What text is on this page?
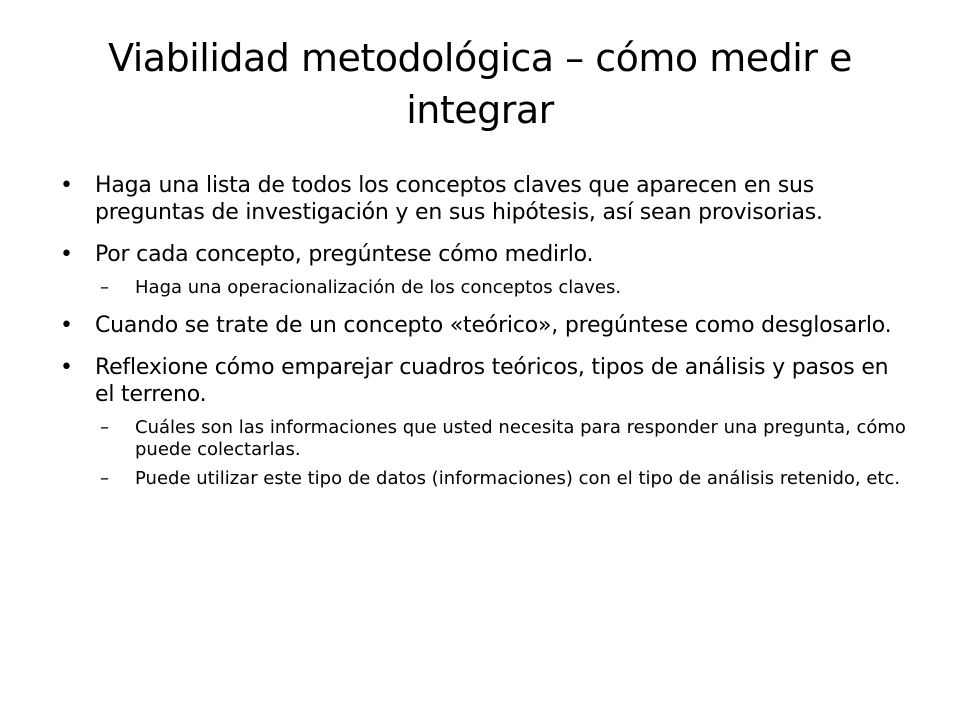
Viabilidad metodológica – cómo medir e integrar
• Haga una lista de todos los conceptos claves que aparecen en sus preguntas de investigación y en sus hipótesis, así sean provisorias.
• Por cada concepto, pregúntese cómo medirlo.
– Haga una operacionalización de los conceptos claves.
• Cuando se trate de un concepto «teórico», pregúntese como desglosarlo.
• Reflexione cómo emparejar cuadros teóricos, tipos de análisis y pasos en el terreno.
– Cuáles son las informaciones que usted necesita para responder una pregunta, cómo puede colectarlas.
– Puede utilizar este tipo de datos (informaciones) con el tipo de análisis retenido, etc.
